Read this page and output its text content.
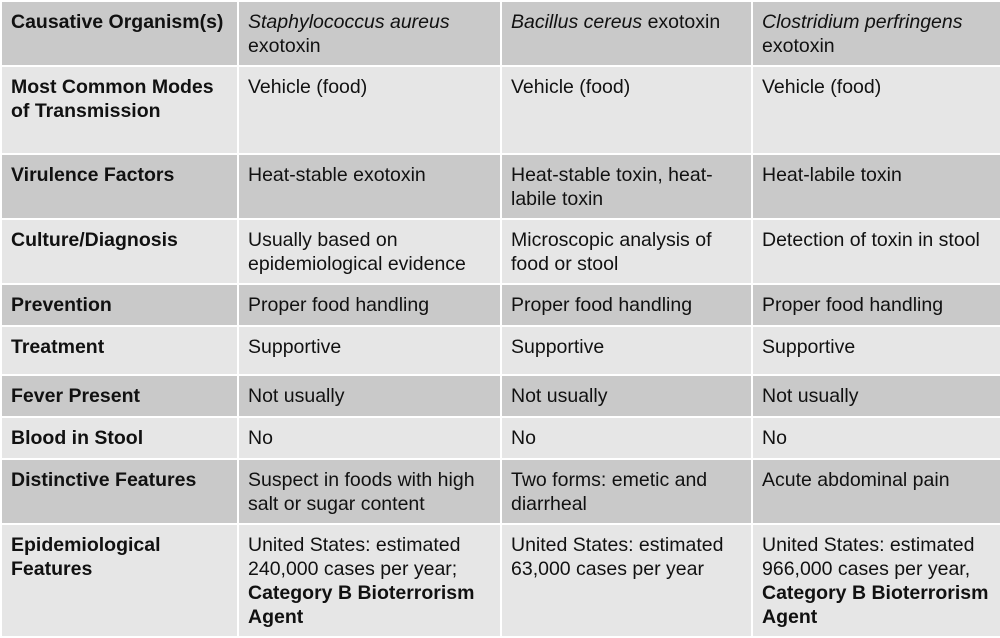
Causative Organism(s)	Staphylococcus aureus exotoxin	Bacillus cereus exotoxin	Clostridium perfringens exotoxin
Most Common Modes of Transmission	Vehicle (food)	Vehicle (food)	Vehicle (food)
Virulence Factors	Heat-stable exotoxin	Heat-stable toxin, heat-labile toxin	Heat-labile toxin
Culture/Diagnosis	Usually based on epidemiological evidence	Microscopic analysis of food or stool	Detection of toxin in stool
Prevention	Proper food handling	Proper food handling	Proper food handling
Treatment	Supportive	Supportive	Supportive
Fever Present	Not usually	Not usually	Not usually
Blood in Stool	No	No	No
Distinctive Features	Suspect in foods with high salt or sugar content	Two forms: emetic and diarrheal	Acute abdominal pain
Epidemiological Features	United States: estimated 240,000 cases per year; Category B Bioterrorism Agent	United States: estimated 63,000 cases per year	United States: estimated 966,000 cases per year, Category B Bioterrorism Agent
